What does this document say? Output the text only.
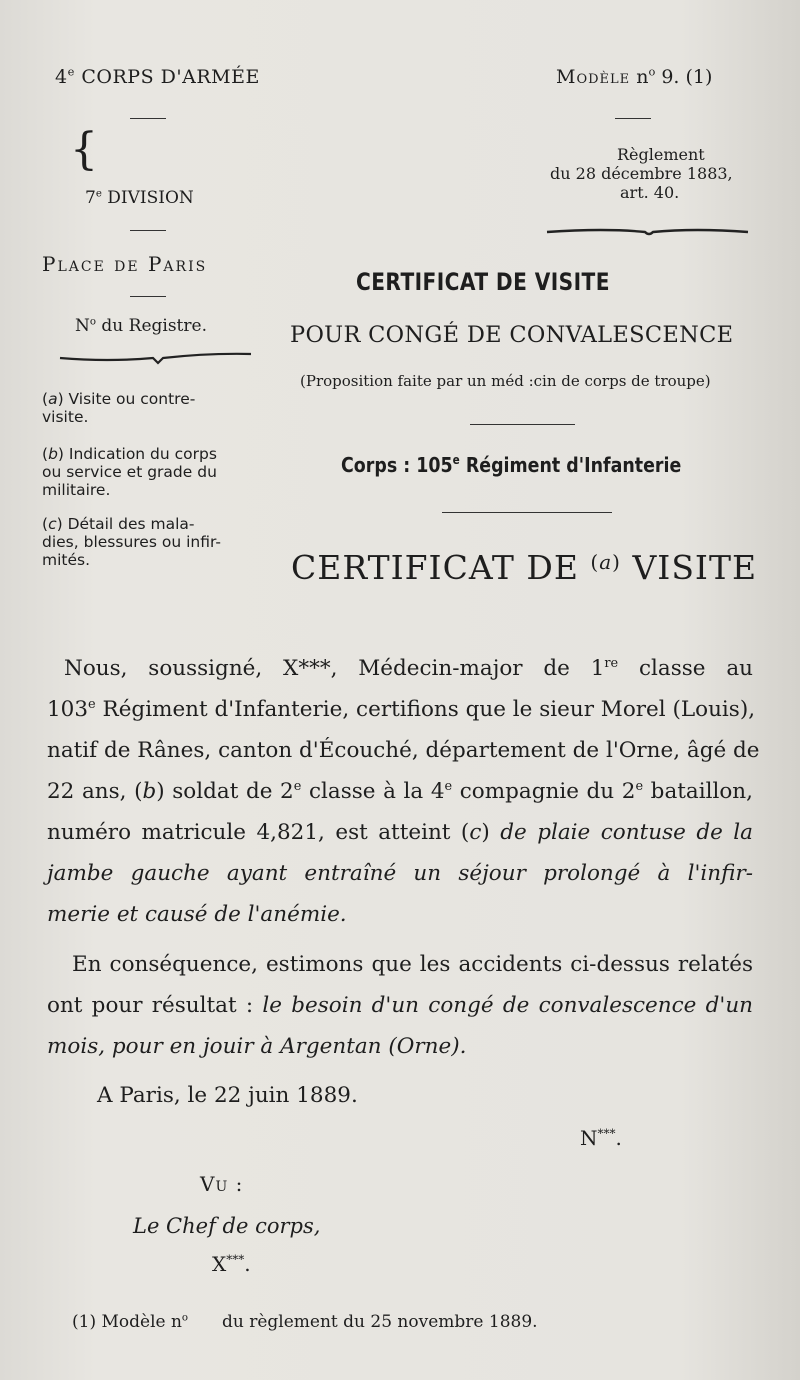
4e CORPS D'ARMÉE
{
7e DIVISION
Modèle $n^o$ 9. (1)
Règlement
du 28 décembre 1883,
art. 40.
Place de Paris
$N^o$ du Registre.
(a) Visite ou contre-
visite.
(b) Indication du corps
ou service et grade du
militaire.
(c) Détail des mala-
dies, blessures ou infir-
mités.
CERTIFICAT DE VISITE
POUR CONGÉ DE CONVALESCENCE
(Proposition faite par un méd :cin de corps de troupe)
Corps : 105e Régiment d'Infanterie
CERTIFICAT DE $^{(a)}$ VISITE
Nous, soussigné, X***, Médecin-major de 1re classe au
103e Régiment d'Infanterie, certifions que le sieur Morel (Louis),
natif de Rânes, canton d'Écouché, département de l'Orne, âgé de
22 ans, (b) soldat de 2e classe à la 4e compagnie du 2e bataillon,
numéro matricule 4,821, est atteint (c) de plaie contuse de la
jambe gauche ayant entraîné un séjour prolongé à l'infir-
merie et causé de l'anémie.
En conséquence, estimons que les accidents ci-dessus relatés
ont pour résultat : le besoin d'un congé de convalescence d'un
mois, pour en jouir à Argentan (Orne).
A Paris, le 22 juin 1889.
N***.
Vu :
Le Chef de corps,
X***.
(1) Modèle $n^o$ du règlement du 25 novembre 1889.
